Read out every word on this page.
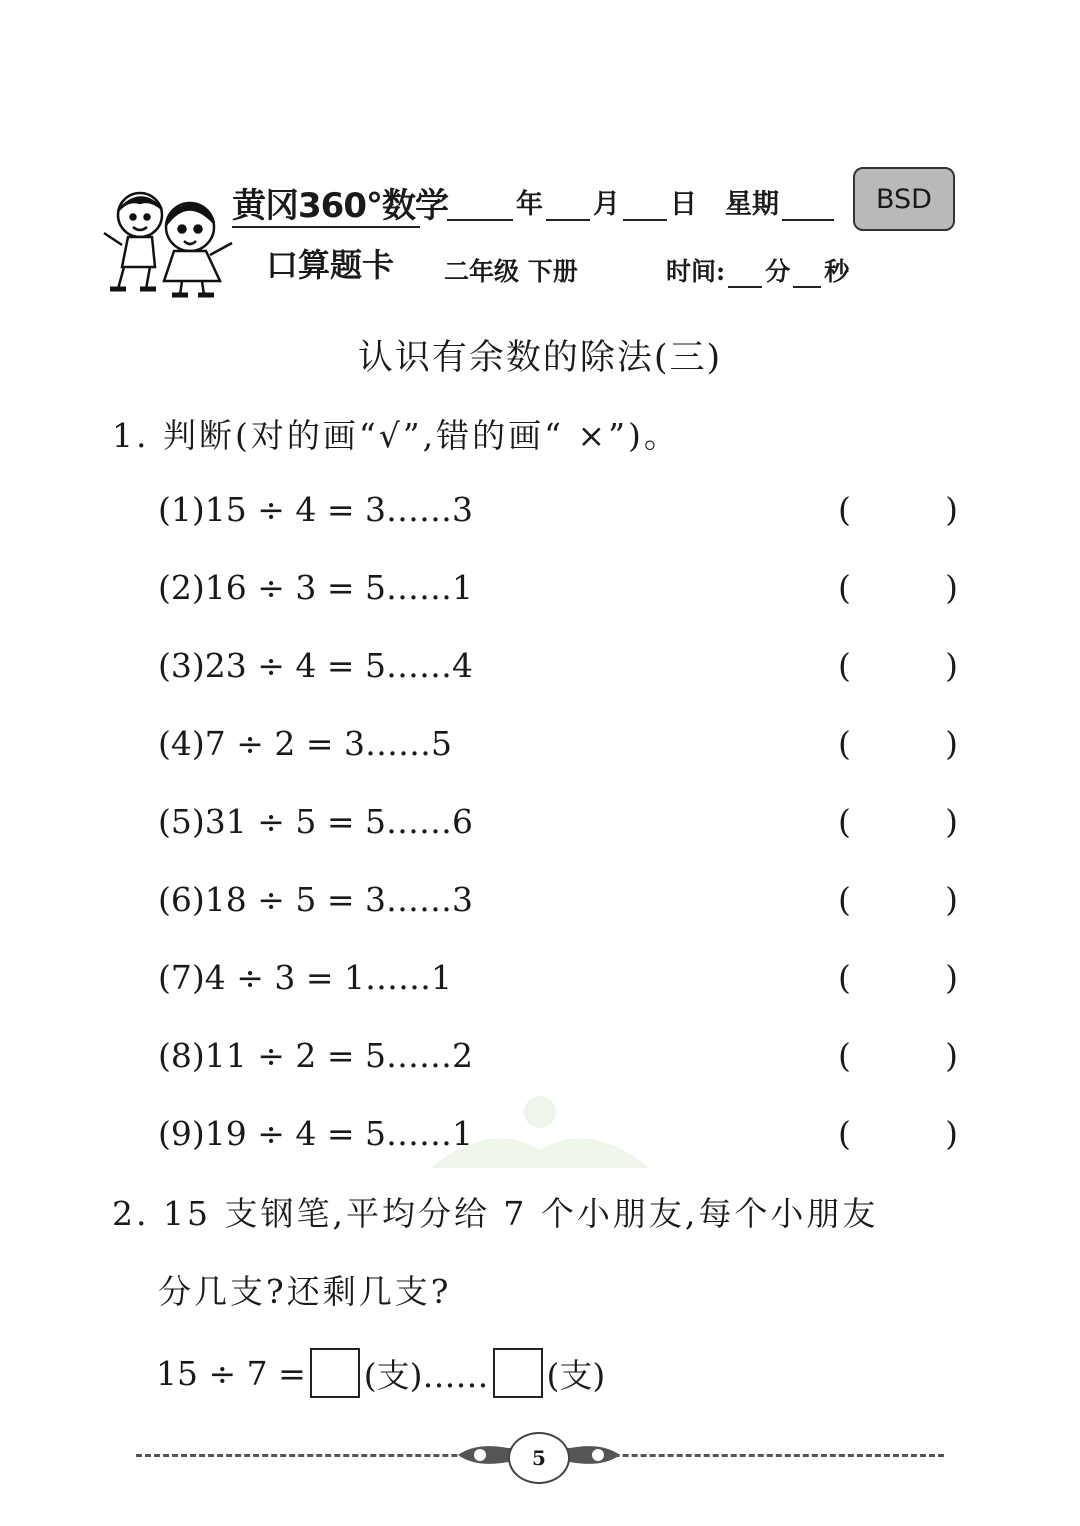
黄冈360°数学
口算题卡
年 月 日 星期
二年级 下册	时间: 分 秒
BSD
认识有余数的除法(三)
1. 判断(对的画“√”,错的画“ ×”)。
(1)15 ÷ 4 = 3……3	(	)
(2)16 ÷ 3 = 5……1	(	)
(3)23 ÷ 4 = 5……4	(	)
(4)7 ÷ 2 = 3……5	(	)
(5)31 ÷ 5 = 5……6	(	)
(6)18 ÷ 5 = 3……3	(	)
(7)4 ÷ 3 = 1……1	(	)
(8)11 ÷ 2 = 5……2	(	)
(9)19 ÷ 4 = 5……1	(	)
2. 15 支钢笔,平均分给 7 个小朋友,每个小朋友
分几支?还剩几支?
15 ÷ 7 = (支)…… (支)
5
